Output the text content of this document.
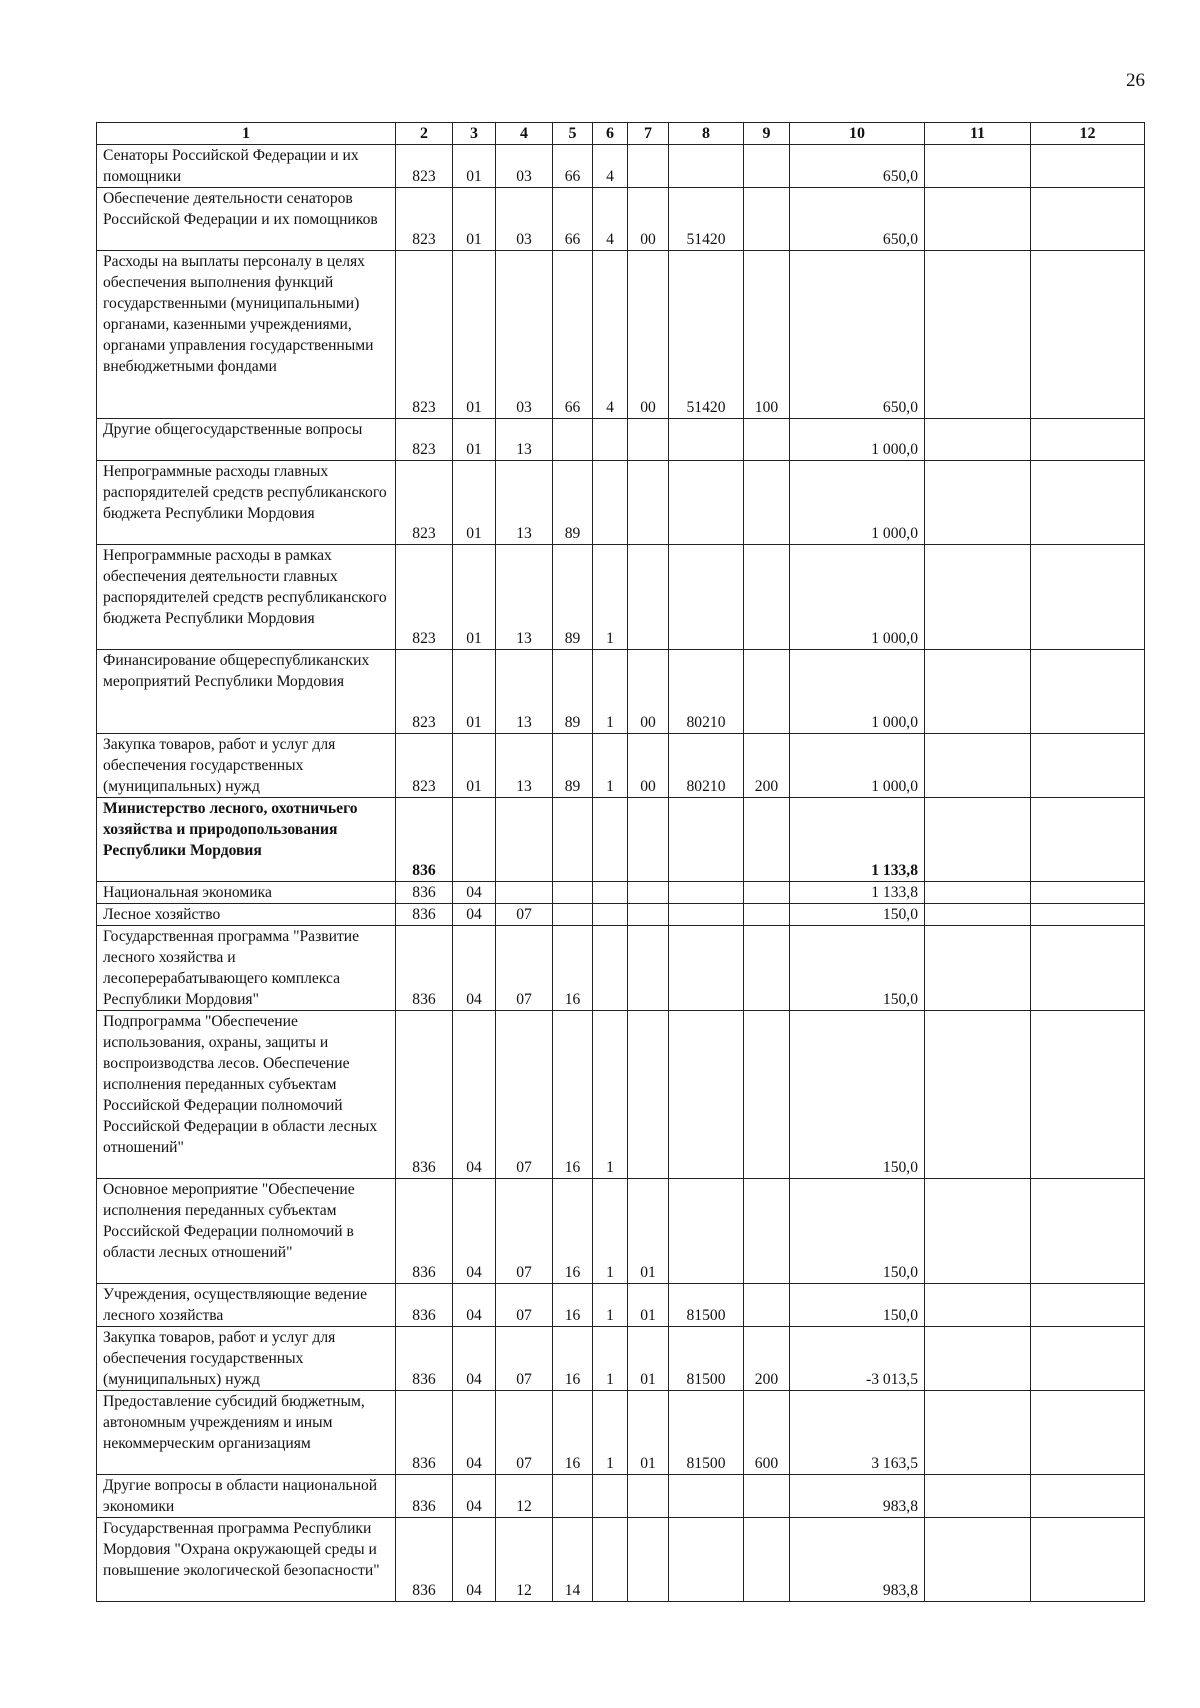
26
1	2	3	4	5	6	7	8	9	10	11	12
Сенаторы Российской Федерации и их помощники	823	01	03	66	4				650,0		
Обеспечение деятельности сенаторов Российской Федерации и их помощников	823	01	03	66	4	00	51420		650,0		
Расходы на выплаты персоналу в целях обеспечения выполнения функций государственными (муниципальными) органами, казенными учреждениями, органами управления государственными внебюджетными фондами	823	01	03	66	4	00	51420	100	650,0		
Другие общегосударственные вопросы	823	01	13						1 000,0		
Непрограммные расходы главных распорядителей средств республиканского бюджета Республики Мордовия	823	01	13	89					1 000,0		
Непрограммные расходы в рамках обеспечения деятельности главных распорядителей средств республиканского бюджета Республики Мордовия	823	01	13	89	1				1 000,0		
Финансирование общереспубликанских мероприятий Республики Мордовия	823	01	13	89	1	00	80210		1 000,0		
Закупка товаров, работ и услуг для обеспечения государственных (муниципальных) нужд	823	01	13	89	1	00	80210	200	1 000,0		
Министерство лесного, охотничьего хозяйства и природопользования Республики Мордовия	836								1 133,8		
Национальная экономика	836	04							1 133,8		
Лесное хозяйство	836	04	07						150,0		
Государственная программа "Развитие лесного хозяйства и лесоперерабатывающего комплекса Республики Мордовия"	836	04	07	16					150,0		
Подпрограмма "Обеспечение использования, охраны, защиты и воспроизводства лесов. Обеспечение исполнения переданных субъектам Российской Федерации полномочий Российской Федерации в области лесных отношений"	836	04	07	16	1				150,0		
Основное мероприятие "Обеспечение исполнения переданных субъектам Российской Федерации полномочий в области лесных отношений"	836	04	07	16	1	01			150,0		
Учреждения, осуществляющие ведение лесного хозяйства	836	04	07	16	1	01	81500		150,0		
Закупка товаров, работ и услуг для обеспечения государственных (муниципальных) нужд	836	04	07	16	1	01	81500	200	-3 013,5		
Предоставление субсидий бюджетным, автономным учреждениям и иным некоммерческим организациям	836	04	07	16	1	01	81500	600	3 163,5		
Другие вопросы в области национальной экономики	836	04	12						983,8		
Государственная программа Республики Мордовия "Охрана окружающей среды и повышение экологической безопасности"	836	04	12	14					983,8		
